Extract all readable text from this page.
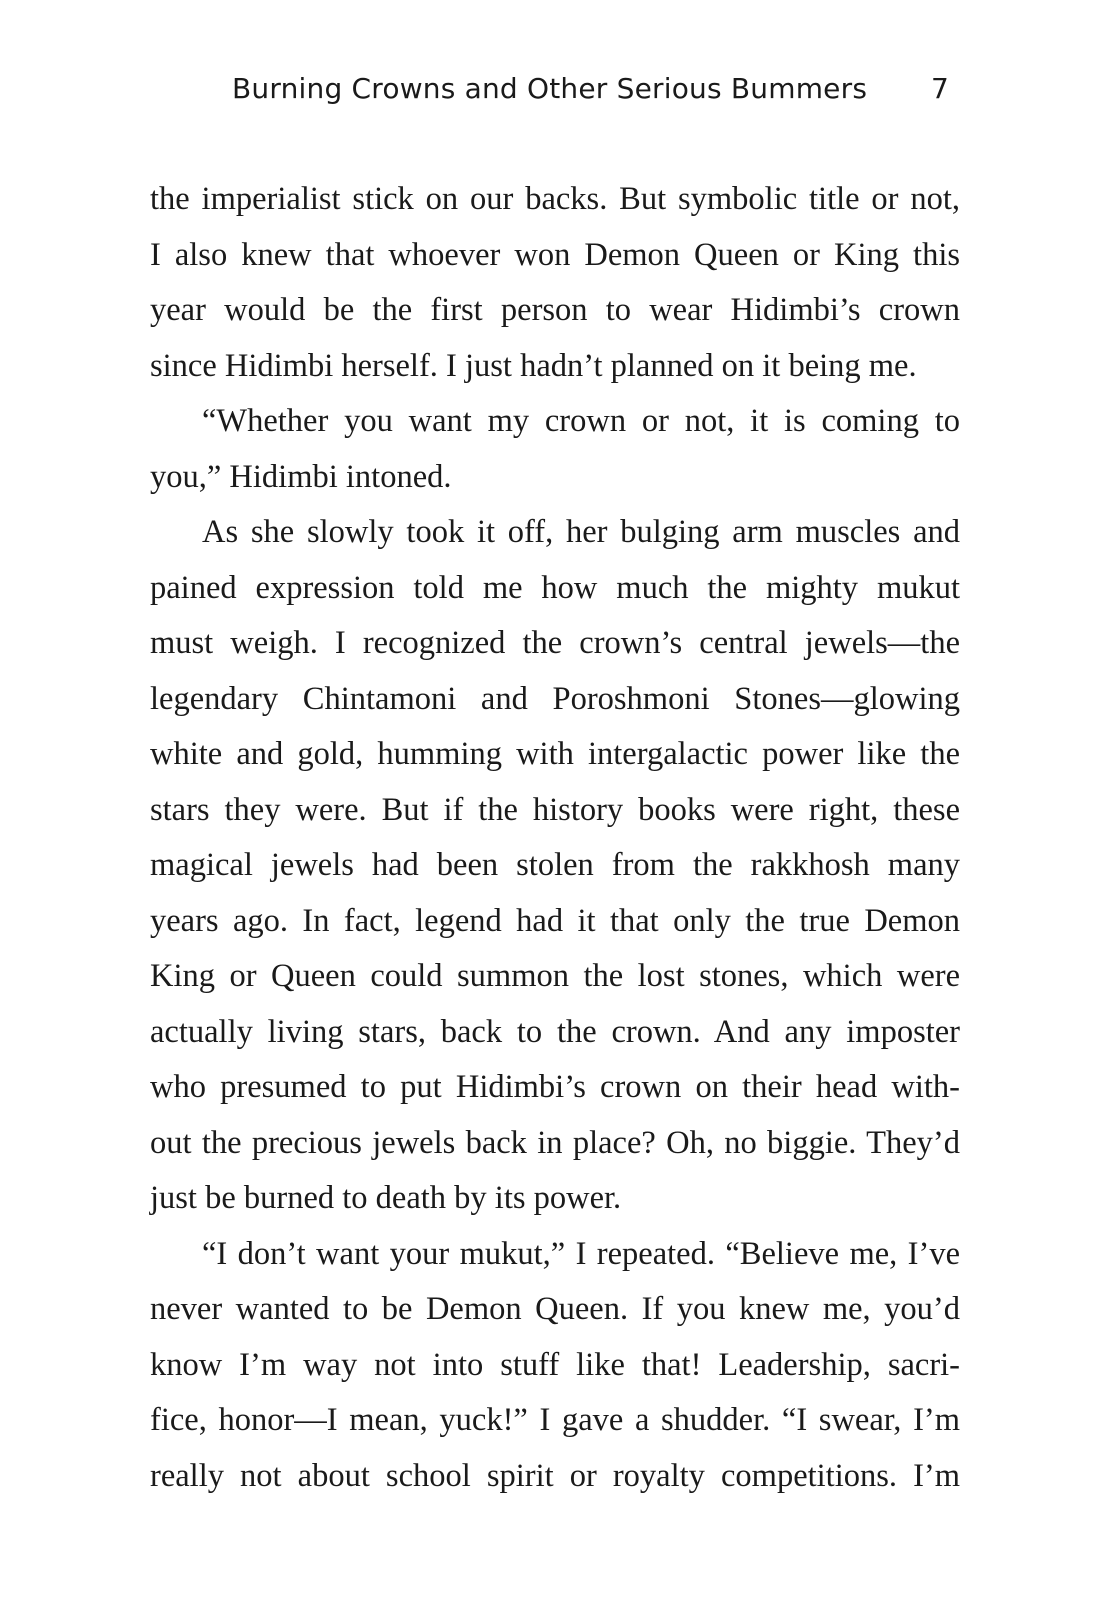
Burning Crowns and Other Serious Bummers 7
the imperialist stick on our backs. But symbolic title or not,
I also knew that whoever won Demon Queen or King this
year would be the first person to wear Hidimbi’s crown
since Hidimbi herself. I just hadn’t planned on it being me.
“Whether you want my crown or not, it is coming to
you,” Hidimbi intoned.
As she slowly took it off, her bulging arm muscles and
pained expression told me how much the mighty mukut
must weigh. I recognized the crown’s central jewels—the
legendary Chintamoni and Poroshmoni Stones—glowing
white and gold, humming with intergalactic power like the
stars they were. But if the history books were right, these
magical jewels had been stolen from the rakkhosh many
years ago. In fact, legend had it that only the true Demon
King or Queen could summon the lost stones, which were
actually living stars, back to the crown. And any imposter
who presumed to put Hidimbi’s crown on their head with-
out the precious jewels back in place? Oh, no biggie. They’d
just be burned to death by its power.
“I don’t want your mukut,” I repeated. “Believe me, I’ve
never wanted to be Demon Queen. If you knew me, you’d
know I’m way not into stuff like that! Leadership, sacri-
fice, honor—I mean, yuck!” I gave a shudder. “I swear, I’m
really not about school spirit or royalty competitions. I’m
